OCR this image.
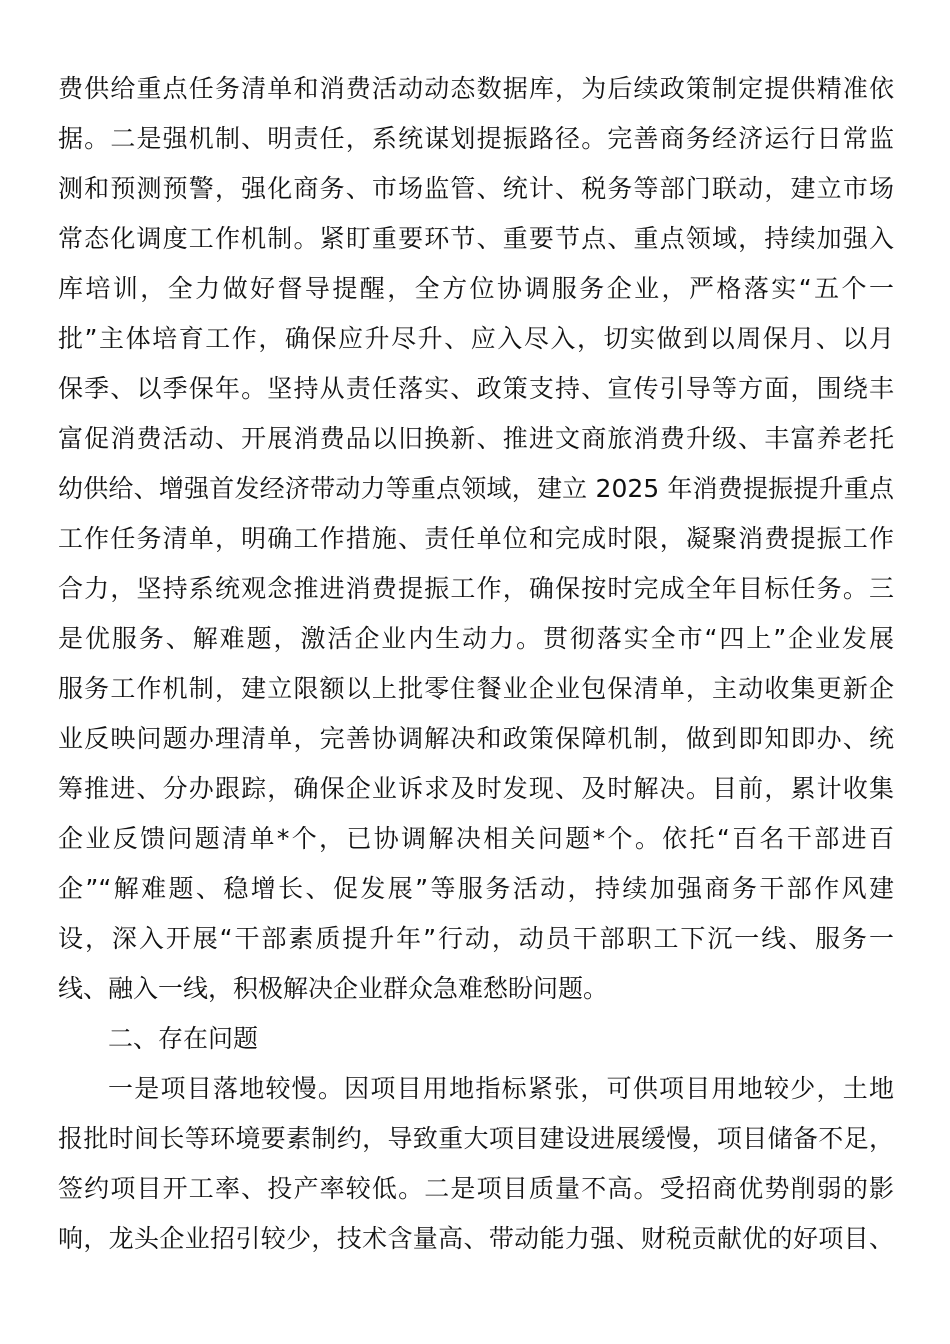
费供给重点任务清单和消费活动动态数据库，为后续政策制定提供精准依
据。二是强机制、明责任，系统谋划提振路径。完善商务经济运行日常监
测和预测预警，强化商务、市场监管、统计、税务等部门联动，建立市场
常态化调度工作机制。紧盯重要环节、重要节点、重点领域，持续加强入
库培训，全力做好督导提醒，全方位协调服务企业，严格落实“五个一
批”主体培育工作，确保应升尽升、应入尽入，切实做到以周保月、以月
保季、以季保年。坚持从责任落实、政策支持、宣传引导等方面，围绕丰
富促消费活动、开展消费品以旧换新、推进文商旅消费升级、丰富养老托
幼供给、增强首发经济带动力等重点领域，建立 2025 年消费提振提升重点
工作任务清单，明确工作措施、责任单位和完成时限，凝聚消费提振工作
合力，坚持系统观念推进消费提振工作，确保按时完成全年目标任务。三
是优服务、解难题，激活企业内生动力。贯彻落实全市“四上”企业发展
服务工作机制，建立限额以上批零住餐业企业包保清单，主动收集更新企
业反映问题办理清单，完善协调解决和政策保障机制，做到即知即办、统
筹推进、分办跟踪，确保企业诉求及时发现、及时解决。目前，累计收集
企业反馈问题清单*个，已协调解决相关问题*个。依托“百名干部进百
企”“解难题、稳增长、促发展”等服务活动，持续加强商务干部作风建
设，深入开展“干部素质提升年”行动，动员干部职工下沉一线、服务一
线、融入一线，积极解决企业群众急难愁盼问题。
二、存在问题
一是项目落地较慢。因项目用地指标紧张，可供项目用地较少，土地
报批时间长等环境要素制约，导致重大项目建设进展缓慢，项目储备不足，
签约项目开工率、投产率较低。二是项目质量不高。受招商优势削弱的影
响，龙头企业招引较少，技术含量高、带动能力强、财税贡献优的好项目、
